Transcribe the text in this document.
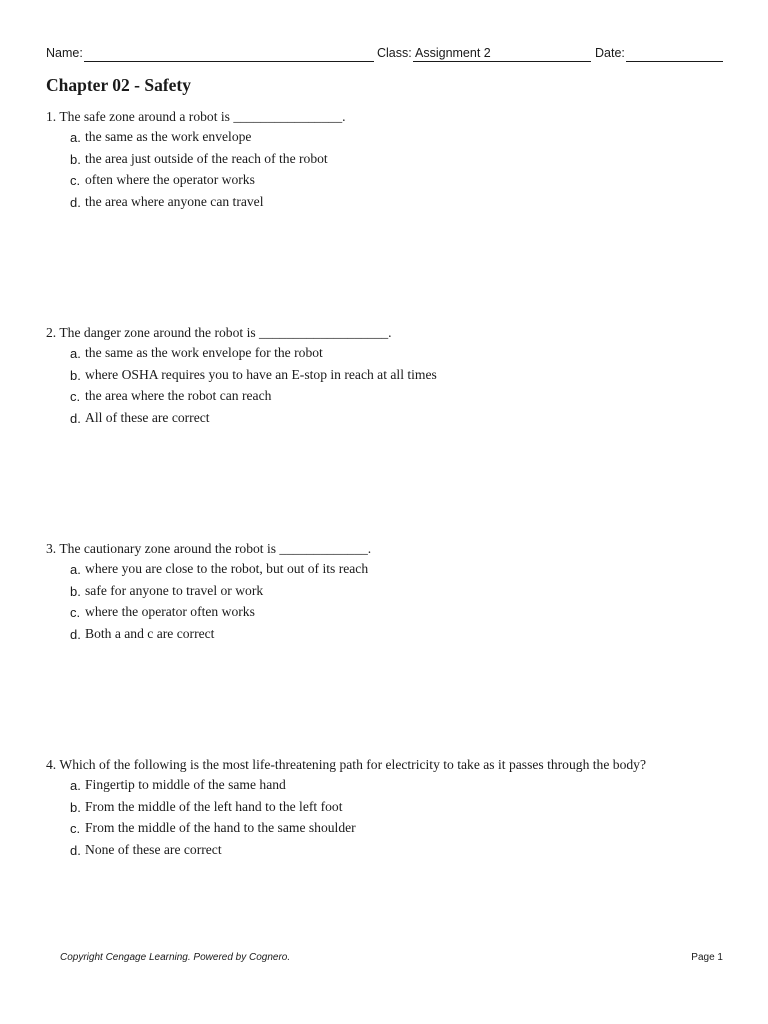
Name:	Class: Assignment 2	Date:
Chapter 02 - Safety
1. The safe zone around a robot is ________________.
a. the same as the work envelope
b. the area just outside of the reach of the robot
c. often where the operator works
d. the area where anyone can travel
2. The danger zone around the robot is ___________________.
a. the same as the work envelope for the robot
b. where OSHA requires you to have an E-stop in reach at all times
c. the area where the robot can reach
d. All of these are correct
3. The cautionary zone around the robot is _____________.
a. where you are close to the robot, but out of its reach
b. safe for anyone to travel or work
c. where the operator often works
d. Both a and c are correct
4. Which of the following is the most life-threatening path for electricity to take as it passes through the body?
a. Fingertip to middle of the same hand
b. From the middle of the left hand to the left foot
c. From the middle of the hand to the same shoulder
d. None of these are correct
Copyright Cengage Learning. Powered by Cognero.	Page 1
